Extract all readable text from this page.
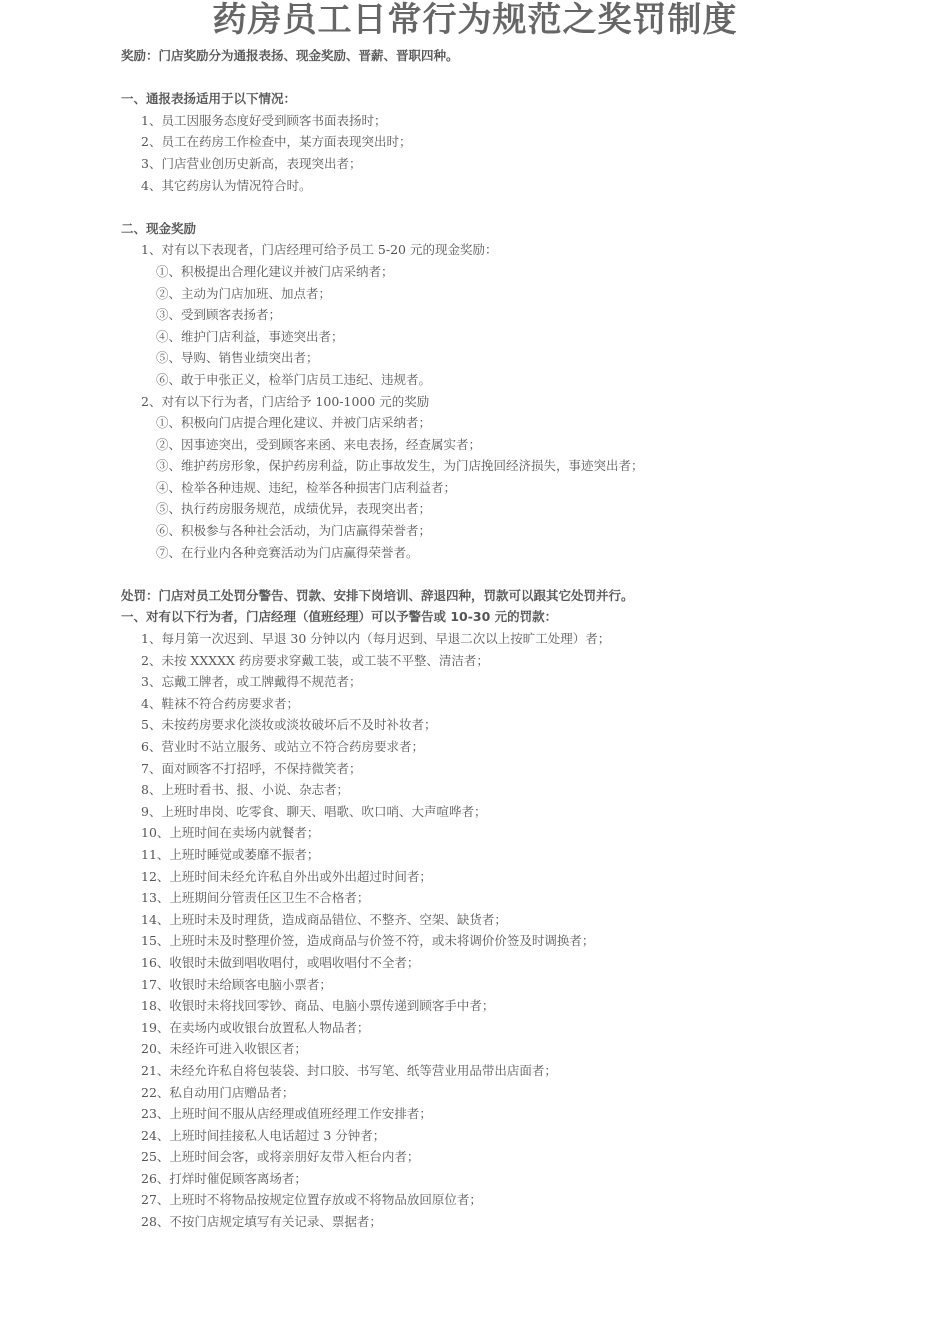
药房员工日常行为规范之奖罚制度
奖励：门店奖励分为通报表扬、现金奖励、晋薪、晋职四种。
一、通报表扬适用于以下情况：
1、员工因服务态度好受到顾客书面表扬时；
2、员工在药房工作检查中，某方面表现突出时；
3、门店营业创历史新高，表现突出者；
4、其它药房认为情况符合时。
二、现金奖励
1、对有以下表现者，门店经理可给予员工 5-20 元的现金奖励：
①、积极提出合理化建议并被门店采纳者；
②、主动为门店加班、加点者；
③、受到顾客表扬者；
④、维护门店利益，事迹突出者；
⑤、导购、销售业绩突出者；
⑥、敢于申张正义，检举门店员工违纪、违规者。
2、对有以下行为者，门店给予 100-1000 元的奖励
①、积极向门店提合理化建议、并被门店采纳者；
②、因事迹突出，受到顾客来函、来电表扬，经查属实者；
③、维护药房形象，保护药房利益，防止事故发生，为门店挽回经济损失，事迹突出者；
④、检举各种违规、违纪，检举各种损害门店利益者；
⑤、执行药房服务规范，成绩优异，表现突出者；
⑥、积极参与各种社会活动，为门店赢得荣誉者；
⑦、在行业内各种竞赛活动为门店赢得荣誉者。
处罚：门店对员工处罚分警告、罚款、安排下岗培训、辞退四种，罚款可以跟其它处罚并行。
一、对有以下行为者，门店经理（值班经理）可以予警告或 10-30 元的罚款：
1、每月第一次迟到、早退 30 分钟以内（每月迟到、早退二次以上按旷工处理）者；
2、未按 XXXXX 药房要求穿戴工装，或工装不平整、清洁者；
3、忘戴工牌者，或工牌戴得不规范者；
4、鞋袜不符合药房要求者；
5、未按药房要求化淡妆或淡妆破坏后不及时补妆者；
6、营业时不站立服务、或站立不符合药房要求者；
7、面对顾客不打招呼，不保持微笑者；
8、上班时看书、报、小说、杂志者；
9、上班时串岗、吃零食、聊天、唱歌、吹口哨、大声喧哗者；
10、上班时间在卖场内就餐者；
11、上班时睡觉或萎靡不振者；
12、上班时间未经允许私自外出或外出超过时间者；
13、上班期间分管责任区卫生不合格者；
14、上班时未及时理货，造成商品错位、不整齐、空架、缺货者；
15、上班时未及时整理价签，造成商品与价签不符，或未将调价价签及时调换者；
16、收银时未做到唱收唱付，或唱收唱付不全者；
17、收银时未给顾客电脑小票者；
18、收银时未将找回零钞、商品、电脑小票传递到顾客手中者；
19、在卖场内或收银台放置私人物品者；
20、未经许可进入收银区者；
21、未经允许私自将包装袋、封口胶、书写笔、纸等营业用品带出店面者；
22、私自动用门店赠品者；
23、上班时间不服从店经理或值班经理工作安排者；
24、上班时间挂接私人电话超过 3 分钟者；
25、上班时间会客，或将亲朋好友带入柜台内者；
26、打烊时催促顾客离场者；
27、上班时不将物品按规定位置存放或不将物品放回原位者；
28、不按门店规定填写有关记录、票据者；
